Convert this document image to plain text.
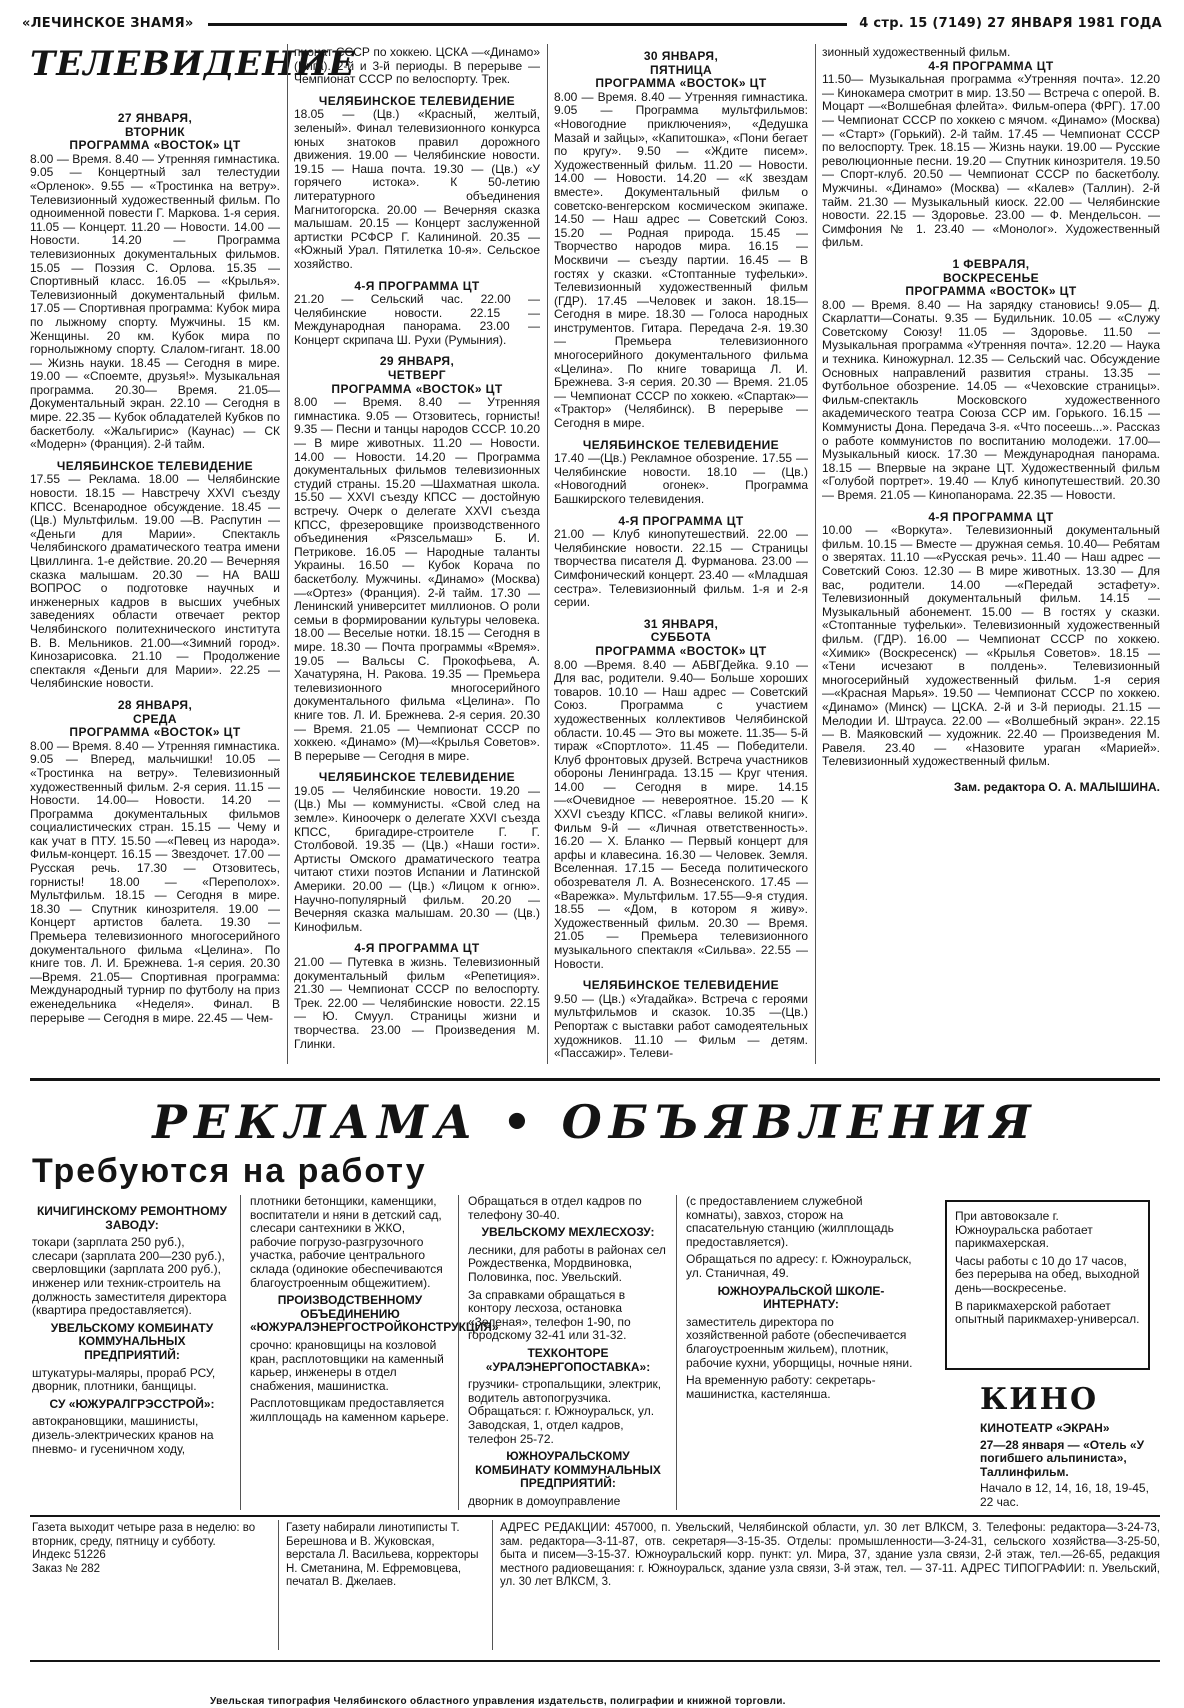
«ЛЕЧИНСКОЕ ЗНАМЯ»	4 стр. 15 (7149) 27 ЯНВАРЯ 1981 ГОДА
ТЕЛЕВИДЕНИЕ

27 ЯНВАРЯ,

ВТОРНИК

ПРОГРАММА «ВОСТОК» ЦТ

8.00 — Время. 8.40 — Утренняя гимнастика. 9.05 — Концертный зал телестудии «Орленок». 9.55 — «Тростинка на ветру». Телевизионный художественный фильм. По одноименной повести Г. Маркова. 1-я серия. 11.05 — Концерт. 11.20 — Новости. 14.00 — Новости. 14.20 — Программа телевизионных документальных фильмов. 15.05 — Поэзия С. Орлова. 15.35 — Спортивный класс. 16.05 — «Крылья». Телевизионный документальный фильм. 17.05 — Спортивная программа: Кубок мира по лыжному спорту. Мужчины. 15 км. Женщины. 20 км. Кубок мира по горнолыжному спорту. Слалом-гигант. 18.00 — Жизнь науки. 18.45 — Сегодня в мире. 19.00 — «Споемте, друзья!». Музыкальная программа. 20.30— Время. 21.05— Документальный экран. 22.10 — Сегодня в мире. 22.35 — Кубок обладателей Кубков по баскетболу. «Жальгирис» (Каунас) — СК «Модерн» (Франция). 2-й тайм.

ЧЕЛЯБИНСКОЕ ТЕЛЕВИДЕНИЕ

17.55 — Реклама. 18.00 — Челябинские новости. 18.15 — Навстречу XXVI съезду КПСС. Всенародное обсуждение. 18.45 — (Цв.) Мультфильм. 19.00 —В. Распутин — «Деньги для Марии». Спектакль Челябинского драматического театра имени Цвиллинга. 1-е действие. 20.20 — Вечерняя сказка малышам. 20.30 — НА ВАШ ВОПРОС о подготовке научных и инженерных кадров в высших учебных заведениях области отвечает ректор Челябинского политехнического института В. В. Мельников. 21.00—«Зимний город». Кинозарисовка. 21.10 — Продолжение спектакля «Деньги для Марии». 22.25 — Челябинские новости.

28 ЯНВАРЯ,

СРЕДА

ПРОГРАММА «ВОСТОК» ЦТ

8.00 — Время. 8.40 — Утренняя гимнастика. 9.05 — Вперед, мальчишки! 10.05 — «Тростинка на ветру». Телевизионный художественный фильм. 2-я серия. 11.15 — Новости. 14.00— Новости. 14.20 — Программа документальных фильмов социалистических стран. 15.15 — Чему и как учат в ПТУ. 15.50 —«Певец из народа». Фильм-концерт. 16.15 — Звездочет. 17.00 — Русская речь. 17.30 — Отзовитесь, горнисты! 18.00 — «Переполох». Мультфильм. 18.15 — Сегодня в мире. 18.30 — Спутник кинозрителя. 19.00 — Концерт артистов балета. 19.30 — Премьера телевизионного многосерийного документального фильма «Целина». По книге тов. Л. И. Брежнева. 1-я серия. 20.30 —Время. 21.05— Спортивная программа: Международный турнир по футболу на приз еженедельника «Неделя». Финал. В перерыве — Сегодня в мире. 22.45 — Чем-

пионат СССР по хоккею. ЦСКА —«Динамо» (Рига). 2-й и 3-й периоды. В перерыве — Чемпионат СССР по велоспорту. Трек.

ЧЕЛЯБИНСКОЕ ТЕЛЕВИДЕНИЕ

18.05 — (Цв.) «Красный, желтый, зеленый». Финал телевизионного конкурса юных знатоков правил дорожного движения. 19.00 — Челябинские новости. 19.15 — Наша почта. 19.30 — (Цв.) «У горячего истока». К 50-летию литературного объединения Магнитогорска. 20.00 — Вечерняя сказка малышам. 20.15 — Концерт заслуженной артистки РСФСР Г. Калининой. 20.35 — «Южный Урал. Пятилетка 10-я». Сельское хозяйство.

4-Я ПРОГРАММА ЦТ

21.20 — Сельский час. 22.00 — Челябинские новости. 22.15 — Международная панорама. 23.00 — Концерт скрипача Ш. Рухи (Румыния).

29 ЯНВАРЯ,

ЧЕТВЕРГ

ПРОГРАММА «ВОСТОК» ЦТ

8.00 — Время. 8.40 — Утренняя гимнастика. 9.05 — Отзовитесь, горнисты! 9.35 — Песни и танцы народов СССР. 10.20 — В мире животных. 11.20 — Новости. 14.00 — Новости. 14.20 — Программа документальных фильмов телевизионных студий страны. 15.20 —Шахматная школа. 15.50 — XXVI съезду КПСС — достойную встречу. Очерк о делегате XXVI съезда КПСС, фрезеровщике производственного объединения «Рязсельмаш» Б. И. Петрикове. 16.05 — Народные таланты Украины. 16.50 — Кубок Корача по баскетболу. Мужчины. «Динамо» (Москва)—«Ортез» (Франция). 2-й тайм. 17.30 — Ленинский университет миллионов. О роли семьи в формировании культуры человека. 18.00 — Веселые нотки. 18.15 — Сегодня в мире. 18.30 — Почта программы «Время». 19.05 — Вальсы С. Прокофьева, А. Хачатуряна, Н. Ракова. 19.35 — Премьера телевизионного многосерийного документального фильма «Целина». По книге тов. Л. И. Брежнева. 2-я серия. 20.30 — Время. 21.05 — Чемпионат СССР по хоккею. «Динамо» (М)—«Крылья Советов». В перерыве — Сегодня в мире.

ЧЕЛЯБИНСКОЕ ТЕЛЕВИДЕНИЕ

19.05 — Челябинские новости. 19.20 — (Цв.) Мы — коммунисты. «Свой след на земле». Киноочерк о делегате XXVI съезда КПСС, бригадире-строителе Г. Г. Столбовой. 19.35 — (Цв.) «Наши гости». Артисты Омского драматического театра читают стихи поэтов Испании и Латинской Америки. 20.00 — (Цв.) «Лицом к огню». Научно-популярный фильм. 20.20 — Вечерняя сказка малышам. 20.30 — (Цв.) Кинофильм.

4-Я ПРОГРАММА ЦТ

21.00 — Путевка в жизнь. Телевизионный документальный фильм «Репетиция». 21.30 — Чемпионат СССР по велоспорту. Трек. 22.00 — Челябинские новости. 22.15 — Ю. Смуул. Страницы жизни и творчества. 23.00 — Произведения М. Глинки.

30 ЯНВАРЯ,

ПЯТНИЦА

ПРОГРАММА «ВОСТОК» ЦТ

8.00 — Время. 8.40 — Утренняя гимнастика. 9.05 — Программа мультфильмов: «Новогодние приключения», «Дедушка Мазай и зайцы», «Капитошка», «Пони бегает по кругу». 9.50 — «Ждите писем». Художественный фильм. 11.20 — Новости. 14.00 — Новости. 14.20 — «К звездам вместе». Документальный фильм о советско-венгерском космическом экипаже. 14.50 — Наш адрес — Советский Союз. 15.20 — Родная природа. 15.45 — Творчество народов мира. 16.15 — Москвичи — съезду партии. 16.45 — В гостях у сказки. «Стоптанные туфельки». Телевизионный художественный фильм (ГДР). 17.45 —Человек и закон. 18.15— Сегодня в мире. 18.30 — Голоса народных инструментов. Гитара. Передача 2-я. 19.30 — Премьера телевизионного многосерийного документального фильма «Целина». По книге товарища Л. И. Брежнева. 3-я серия. 20.30 — Время. 21.05 — Чемпионат СССР по хоккею. «Спартак»— «Трактор» (Челябинск). В перерыве — Сегодня в мире.

ЧЕЛЯБИНСКОЕ ТЕЛЕВИДЕНИЕ

17.40 —(Цв.) Рекламное обозрение. 17.55 — Челябинские новости. 18.10 — (Цв.) «Новогодний огонек». Программа Башкирского телевидения.

4-Я ПРОГРАММА ЦТ

21.00 — Клуб кинопутешествий. 22.00 — Челябинские новости. 22.15 — Страницы творчества писателя Д. Фурманова. 23.00 — Симфонический концерт. 23.40 — «Младшая сестра». Телевизионный фильм. 1-я и 2-я серии.

31 ЯНВАРЯ,

СУББОТА

ПРОГРАММА «ВОСТОК» ЦТ

8.00 —Время. 8.40 — АБВГДейка. 9.10 — Для вас, родители. 9.40— Больше хороших товаров. 10.10 — Наш адрес — Советский Союз. Программа с участием художественных коллективов Челябинской области. 10.45 — Это вы можете. 11.35— 5-й тираж «Спортлото». 11.45 — Победители. Клуб фронтовых друзей. Встреча участников обороны Ленинграда. 13.15 — Круг чтения. 14.00 — Сегодня в мире. 14.15 —«Очевидное — невероятное. 15.20 — К XXVI съезду КПСС. «Главы великой книги». Фильм 9-й — «Личная ответственность». 16.20 — Х. Бланко — Первый концерт для арфы и клавесина. 16.30 — Человек. Земля. Вселенная. 17.15 — Беседа политического обозревателя Л. А. Вознесенского. 17.45 — «Варежка». Мультфильм. 17.55—9-я студия. 18.55 — «Дом, в котором я живу». Художественный фильм. 20.30 — Время. 21.05 — Премьера телевизионного музыкального спектакля «Сильва». 22.55 — Новости.

ЧЕЛЯБИНСКОЕ ТЕЛЕВИДЕНИЕ

9.50 — (Цв.) «Угадайка». Встреча с героями мультфильмов и сказок. 10.35 —(Цв.) Репортаж с выставки работ самодеятельных художников. 11.10 — Фильм — детям. «Пассажир». Телеви-

зионный художественный фильм.

4-Я ПРОГРАММА ЦТ

11.50— Музыкальная программа «Утренняя почта». 12.20 — Кинокамера смотрит в мир. 13.50 — Встреча с оперой. В. Моцарт —«Волшебная флейта». Фильм-опера (ФРГ). 17.00 — Чемпионат СССР по хоккею с мячом. «Динамо» (Москва) — «Старт» (Горький). 2-й тайм. 17.45 — Чемпионат СССР по велоспорту. Трек. 18.15 — Жизнь науки. 19.00 — Русские революционные песни. 19.20 — Спутник кинозрителя. 19.50 — Спорт-клуб. 20.50 — Чемпионат СССР по баскетболу. Мужчины. «Динамо» (Москва) — «Калев» (Таллин). 2-й тайм. 21.30 — Музыкальный киоск. 22.00 — Челябинские новости. 22.15 — Здоровье. 23.00 — Ф. Мендельсон. — Симфония № 1. 23.40 — «Монолог». Художественный фильм.

1 ФЕВРАЛЯ,

ВОСКРЕСЕНЬЕ

ПРОГРАММА «ВОСТОК» ЦТ

8.00 — Время. 8.40 — На зарядку становись! 9.05— Д. Скарлатти—Сонаты. 9.35 — Будильник. 10.05 — «Служу Советскому Союзу! 11.05 — Здоровье. 11.50 — Музыкальная программа «Утренняя почта». 12.20 — Наука и техника. Киножурнал. 12.35 — Сельский час. Обсуждение Основных направлений развития страны. 13.35 — Футбольное обозрение. 14.05 — «Чеховские страницы». Фильм-спектакль Московского художественного академического театра Союза ССР им. Горького. 16.15 — Коммунисты Дона. Передача 3-я. «Что посеешь...». Рассказ о работе коммунистов по воспитанию молодежи. 17.00— Музыкальный киоск. 17.30 — Международная панорама. 18.15 — Впервые на экране ЦТ. Художественный фильм «Голубой портрет». 19.40 — Клуб кинопутешествий. 20.30 — Время. 21.05 — Кинопанорама. 22.35 — Новости.

4-Я ПРОГРАММА ЦТ

10.00 — «Воркута». Телевизионный документальный фильм. 10.15 — Вместе — дружная семья. 10.40— Ребятам о зверятах. 11.10 —«Русская речь». 11.40 — Наш адрес — Советский Союз. 12.30 — В мире животных. 13.30 — Для вас, родители. 14.00 —«Передай эстафету». Телевизионный документальный фильм. 14.15 — Музыкальный абонемент. 15.00 — В гостях у сказки. «Стоптанные туфельки». Телевизионный художественный фильм. (ГДР). 16.00 — Чемпионат СССР по хоккею. «Химик» (Воскресенск) — «Крылья Советов». 18.15 — «Тени исчезают в полдень». Телевизионный многосерийный художественный фильм. 1-я серия —«Красная Марья». 19.50 — Чемпионат СССР по хоккею. «Динамо» (Минск) — ЦСКА. 2-й и 3-й периоды. 21.15 — Мелодии И. Штрауса. 22.00 — «Волшебный экран». 22.15 — В. Маяковский — художник. 22.40 — Произведения М. Равеля. 23.40 — «Назовите ураган «Марией». Телевизионный художественный фильм.

Зам. редактора О. А. МАЛЫШИНА.

РЕКЛАМА • ОБЪЯВЛЕНИЯ
Требуются на работу

КИЧИГИНСКОМУ РЕМОНТНОМУ ЗАВОДУ:

токари (зарплата 250 руб.), слесари (зарплата 200—230 руб.), сверловщики (зарплата 200 руб.), инженер или техник-строитель на должность заместителя директора (квартира предоставляется).

УВЕЛЬСКОМУ КОМБИНАТУ КОММУНАЛЬНЫХ ПРЕДПРИЯТИЙ:

штукатуры-маляры, прораб РСУ, дворник, плотники, банщицы.

СУ «ЮЖУРАЛГРЭССТРОЙ»:

автокрановщики, машинисты, дизель-электрических кранов на пневмо- и гусеничном ходу,

плотники бетонщики, каменщики, воспитатели и няни в детский сад, слесари сантехники в ЖКО, рабочие погрузо-разгрузочного участка, рабочие центрального склада (одинокие обеспечиваются благоустроенным общежитием).

ПРОИЗВОДСТВЕННОМУ ОБЪЕДИНЕНИЮ «ЮЖУРАЛЭНЕРГОСТРОЙКОНСТРУКЦИЯ»

срочно: крановщицы на козловой кран, расплотовщики на каменный карьер, инженеры в отдел снабжения, машинистка.

Расплотовщикам предоставляется жилплощадь на каменном карьере.

Обращаться в отдел кадров по телефону 30-40.

УВЕЛЬСКОМУ МЕХЛЕСХОЗУ:

лесники, для работы в районах сел Рождественка, Мордвиновка, Половинка, пос. Увельский.

За справками обращаться в контору лесхоза, остановка «Зеленая», телефон 1-90, по городскому 32-41 или 31-32.

ТЕХКОНТОРЕ «УРАЛЭНЕРГОПОСТАВКА»:

грузчики- стропальщики, электрик, водитель автопогрузчика. Обращаться: г. Южноуральск, ул. Заводская, 1, отдел кадров, телефон 25-72.

ЮЖНОУРАЛЬСКОМУ КОМБИНАТУ КОММУНАЛЬНЫХ ПРЕДПРИЯТИЙ:

дворник в домоуправление

(с предоставлением служебной комнаты), завхоз, сторож на спасательную станцию (жилплощадь предоставляется).

Обращаться по адресу: г. Южноуральск, ул. Станичная, 49.

ЮЖНОУРАЛЬСКОЙ ШКОЛЕ-ИНТЕРНАТУ:

заместитель директора по хозяйственной работе (обеспечивается благоустроенным жильем), плотник, рабочие кухни, уборщицы, ночные няни.

На временную работу: секретарь-машинистка, кастелянша.

При автовокзале г. Южноуральска работает парикмахерская.

Часы работы с 10 до 17 часов, без перерыва на обед, выходной день—воскресенье.

В парикмахерской работает опытный парикмахер-универсал.

КИНО

КИНОТЕАТР «ЭКРАН»

27—28 января — «Отель «У погибшего альпиниста», Таллинфильм.

Начало в 12, 14, 16, 18, 19-45, 22 час.

Газета выходит четыре раза в неделю: во вторник, среду, пятницу и субботу.

Индекс 51226

Заказ № 282

Газету набирали линотиписты Т. Берешнова и В. Жуковская, верстала Л. Васильева, корректоры Н. Сметанина, М. Ефремовцева, печатал В. Джелаев.

АДРЕС РЕДАКЦИИ: 457000, п. Увельский, Челябинской области, ул. 30 лет ВЛКСМ, 3. Телефоны: редактора—3-24-73, зам. редактора—3-11-87, отв. секретаря—3-15-35. Отделы: промышленности—3-24-31, сельского хозяйства—3-25-50, быта и писем—3-15-37. Южноуральский корр. пункт: ул. Мира, 37, здание узла связи, 2-й этаж, тел.—26-65, редакция местного радиовещания: г. Южноуральск, здание узла связи, 3-й этаж, тел. — 37-11. АДРЕС ТИПОГРАФИИ: п. Увельский, ул. 30 лет ВЛКСМ, 3.

Увельская типография Челябинского областного управления издательств, полиграфии и книжной торговли.
